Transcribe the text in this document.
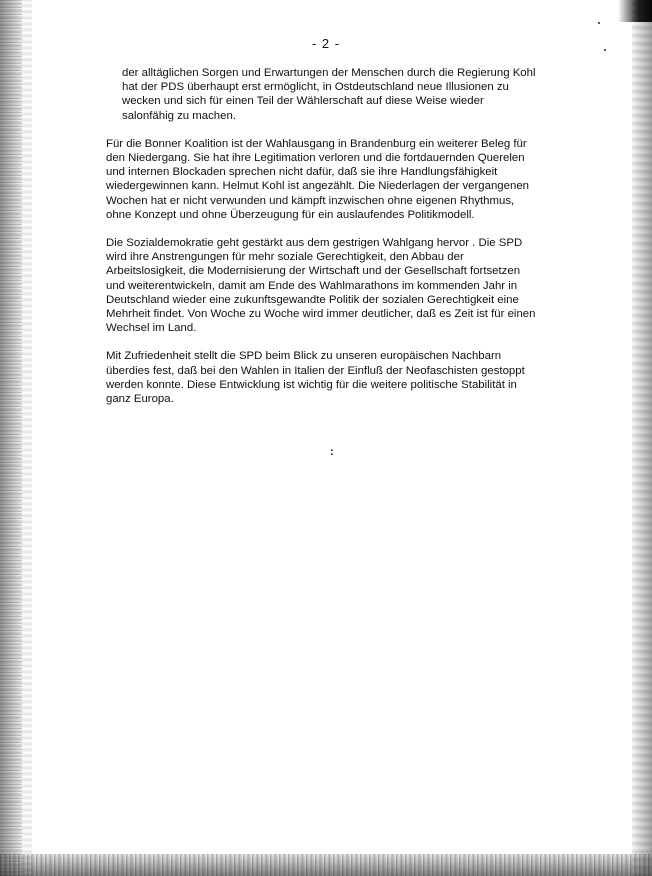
- 2 -

der alltäglichen Sorgen und Erwartungen der Menschen durch die Regierung Kohl
hat der PDS überhaupt erst ermöglicht, in Ostdeutschland neue Illusionen zu
wecken und sich für einen Teil der Wählerschaft auf diese Weise wieder
salonfähig zu machen.

Für die Bonner Koalition ist der Wahlausgang in Brandenburg ein weiterer Beleg für
den Niedergang. Sie hat ihre Legitimation verloren und die fortdauernden Querelen
und internen Blockaden sprechen nicht dafür, daß sie ihre Handlungsfähigkeit
wiedergewinnen kann. Helmut Kohl ist angezählt. Die Niederlagen der vergangenen
Wochen hat er nicht verwunden und kämpft inzwischen ohne eigenen Rhythmus,
ohne Konzept und ohne Überzeugung für ein auslaufendes Politikmodell.

Die Sozialdemokratie geht gestärkt aus dem gestrigen Wahlgang hervor . Die SPD
wird ihre Anstrengungen für mehr soziale Gerechtigkeit, den Abbau der
Arbeitslosigkeit, die Modernisierung der Wirtschaft und der Gesellschaft fortsetzen
und weiterentwickeln, damit am Ende des Wahlmarathons im kommenden Jahr in
Deutschland wieder eine zukunftsgewandte Politik der sozialen Gerechtigkeit eine
Mehrheit findet. Von Woche zu Woche wird immer deutlicher, daß es Zeit ist für einen
Wechsel im Land.

Mit Zufriedenheit stellt die SPD beim Blick zu unseren europäischen Nachbarn
überdies fest, daß bei den Wahlen in Italien der Einfluß der Neofaschisten gestoppt
werden konnte. Diese Entwicklung ist wichtig für die weitere politische Stabilität in
ganz Europa.

:
